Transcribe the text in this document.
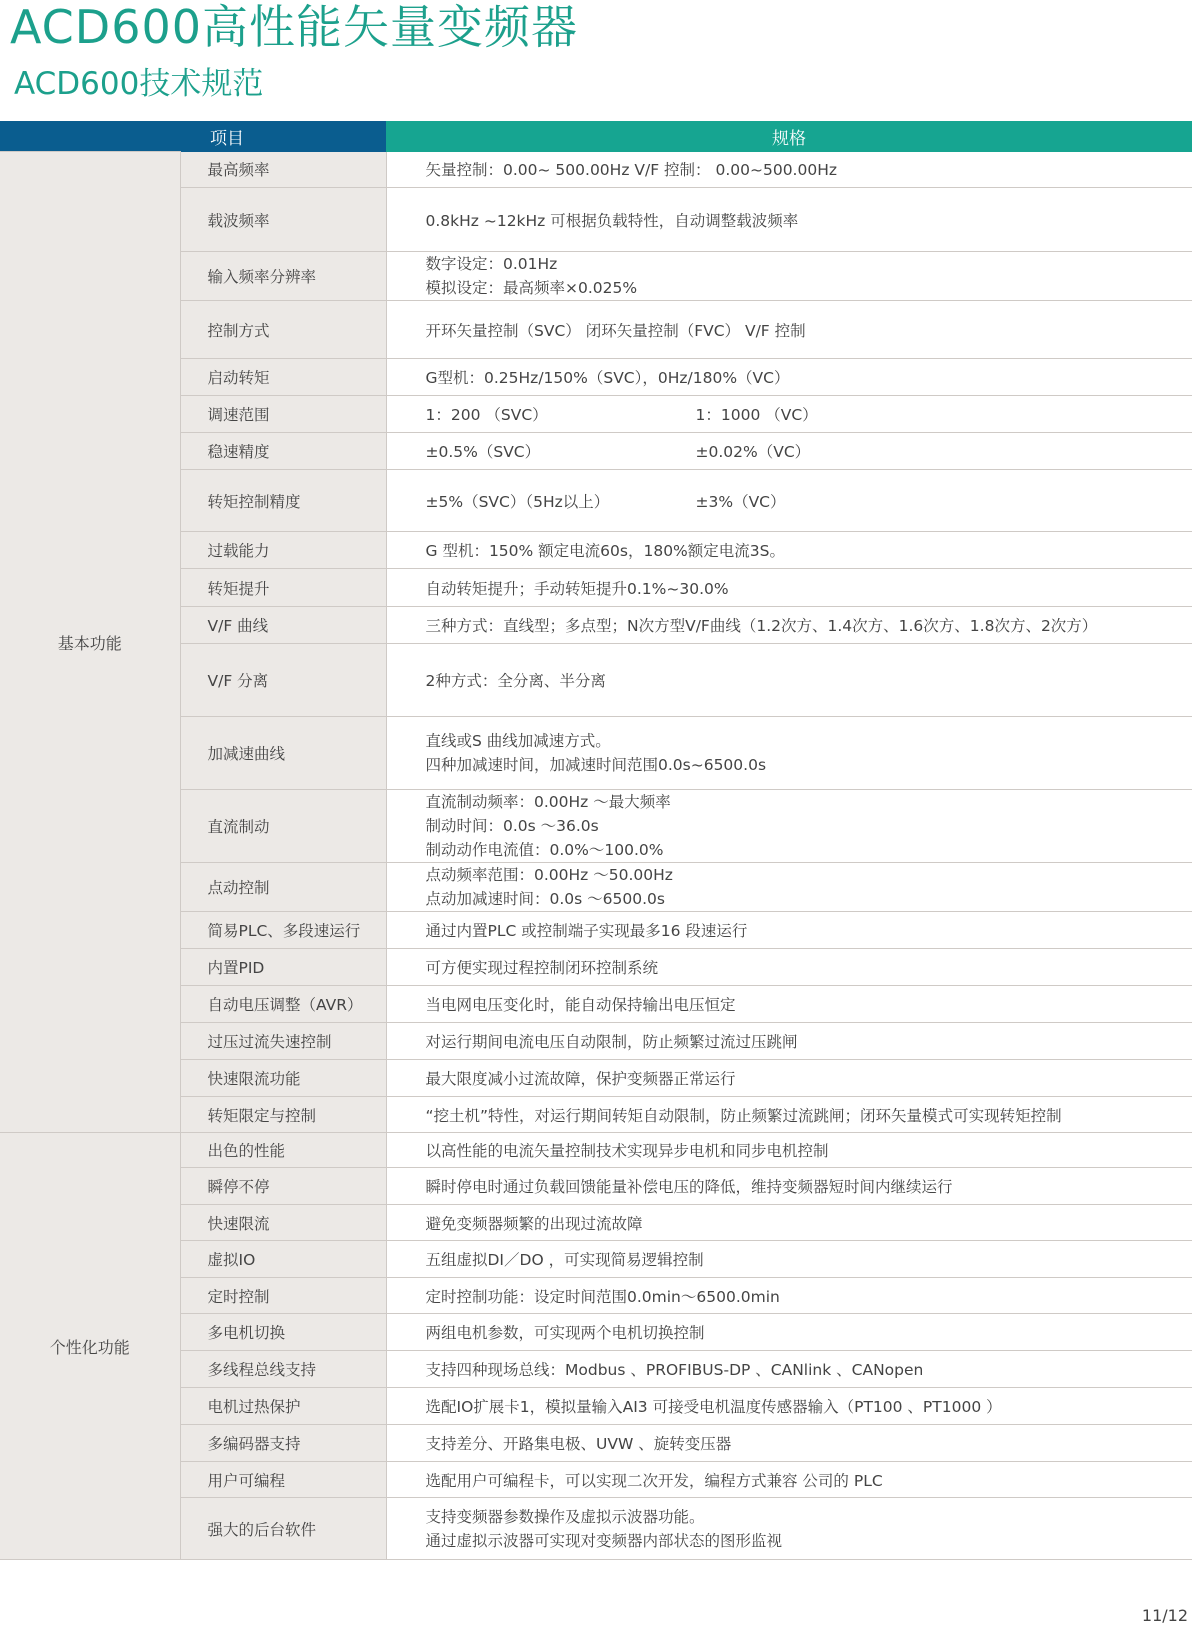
ACD600高性能矢量变频器
ACD600技术规范
	项目	规格
基本功能	最高频率	矢量控制：0.00~ 500.00Hz V/F 控制： 0.00~500.00Hz
	载波频率	0.8kHz ~12kHz 可根据负载特性，自动调整载波频率
	输入频率分辨率	数字设定：0.01Hz
模拟设定：最高频率×0.025%

	控制方式	开环矢量控制（SVC） 闭环矢量控制（FVC） V/F 控制
	启动转矩	G型机：0.25Hz/150%（SVC），0Hz/180%（VC）
	调速范围	1：200 （SVC） 1：1000 （VC）

	稳速精度	±0.5%（SVC） ±0.02%（VC）

	转矩控制精度	±5%（SVC）（5Hz以上） ±3%（VC）

	过载能力	G 型机：150% 额定电流60s，180%额定电流3S。
	转矩提升	自动转矩提升；手动转矩提升0.1%~30.0%
	V/F 曲线	三种方式：直线型；多点型；N次方型V/F曲线（1.2次方、1.4次方、1.6次方、1.8次方、2次方）
	V/F 分离	2种方式：全分离、半分离
	加减速曲线	直线或S 曲线加减速方式。
四种加减速时间，加减速时间范围0.0s~6500.0s

	直流制动	直流制动频率：0.00Hz ～最大频率
制动时间：0.0s ～36.0s
制动动作电流值：0.0%～100.0%

	点动控制	点动频率范围：0.00Hz ～50.00Hz
点动加减速时间：0.0s ～6500.0s

	简易PLC、多段速运行	通过内置PLC 或控制端子实现最多16 段速运行
	内置PID	可方便实现过程控制闭环控制系统
	自动电压调整（AVR）	当电网电压变化时，能自动保持输出电压恒定
	过压过流失速控制	对运行期间电流电压自动限制，防止频繁过流过压跳闸
	快速限流功能	最大限度减小过流故障，保护变频器正常运行
	转矩限定与控制	“挖土机”特性，对运行期间转矩自动限制，防止频繁过流跳闸；闭环矢量模式可实现转矩控制
个性化功能	出色的性能	以高性能的电流矢量控制技术实现异步电机和同步电机控制
	瞬停不停	瞬时停电时通过负载回馈能量补偿电压的降低，维持变频器短时间内继续运行
	快速限流	避免变频器频繁的出现过流故障
	虚拟IO	五组虚拟DI／DO ，可实现简易逻辑控制
	定时控制	定时控制功能：设定时间范围0.0min～6500.0min
	多电机切换	两组电机参数，可实现两个电机切换控制
	多线程总线支持	支持四种现场总线：Modbus 、PROFIBUS-DP 、CANlink 、CANopen
	电机过热保护	选配IO扩展卡1，模拟量输入AI3 可接受电机温度传感器输入（PT100 、PT1000 ）
	多编码器支持	支持差分、开路集电极、UVW 、旋转变压器
	用户可编程	选配用户可编程卡，可以实现二次开发，编程方式兼容 公司的 PLC
	强大的后台软件	支持变频器参数操作及虚拟示波器功能。
通过虚拟示波器可实现对变频器内部状态的图形监视
11/12
